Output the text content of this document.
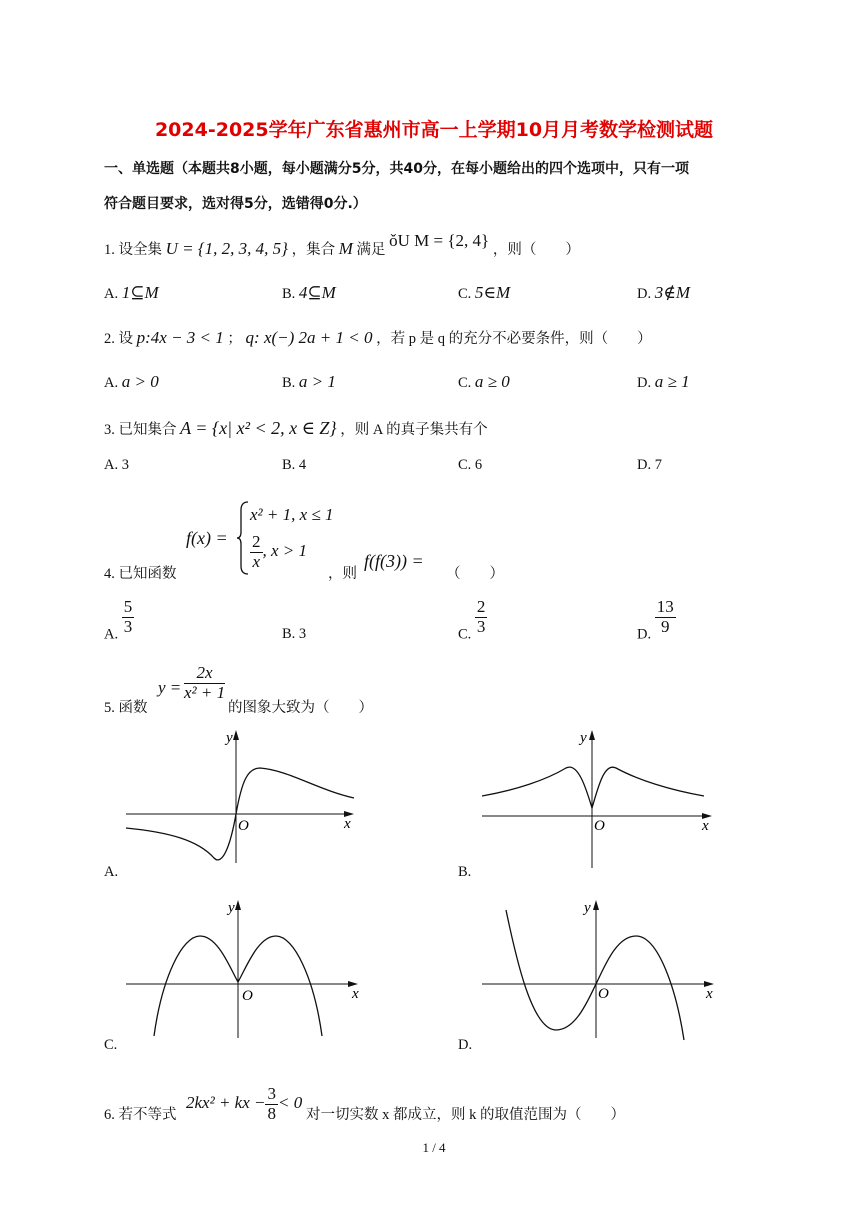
2024-2025学年广东省惠州市高一上学期10月月考数学检测试题
一、单选题（本题共8小题，每小题满分5分，共40分，在每小题给出的四个选项中，只有一项
符合题目要求，选对得5分，选错得0分.）
1. 设全集 U = {1, 2, 3, 4, 5} ，集合 M 满足 ǒU M = {2, 4} ，则（　　）
A. 1⊆M	B. 4⊆M	C. 5∈M	D. 3∉M
2. 设 p:4x − 3 < 1 ； q: x(−) 2a + 1 < 0 ，若 p 是 q 的充分不必要条件，则（　　）
A. a > 0	B. a > 1	C. a ≥ 0	D. a ≥ 1
3. 已知集合 A = {x| x² < 2, x ∈ Z} ，则 A 的真子集共有个
A. 3	B. 4	C. 6	D. 7
4. 已知函数
f(x) =
x² + 1, x ≤ 1
$\frac{2}{x}$ , x > 1
，则
f(f(3)) =
（　　）
A. $\frac{5}{3}$	B. 3	C. $\frac{2}{3}$	D. $\frac{13}{9}$
5. 函数
$y = \frac{2x}{\text{x² + 1}}$
的图象大致为（　　）
y
x
O
A.
y
x
O
B.
y
x
O
C.
y
x
O
D.
6. 若不等式
2kx² + kx − $\frac{3}{8} < 0$
对一切实数 x 都成立，则 k 的取值范围为（　　）
1 / 4
